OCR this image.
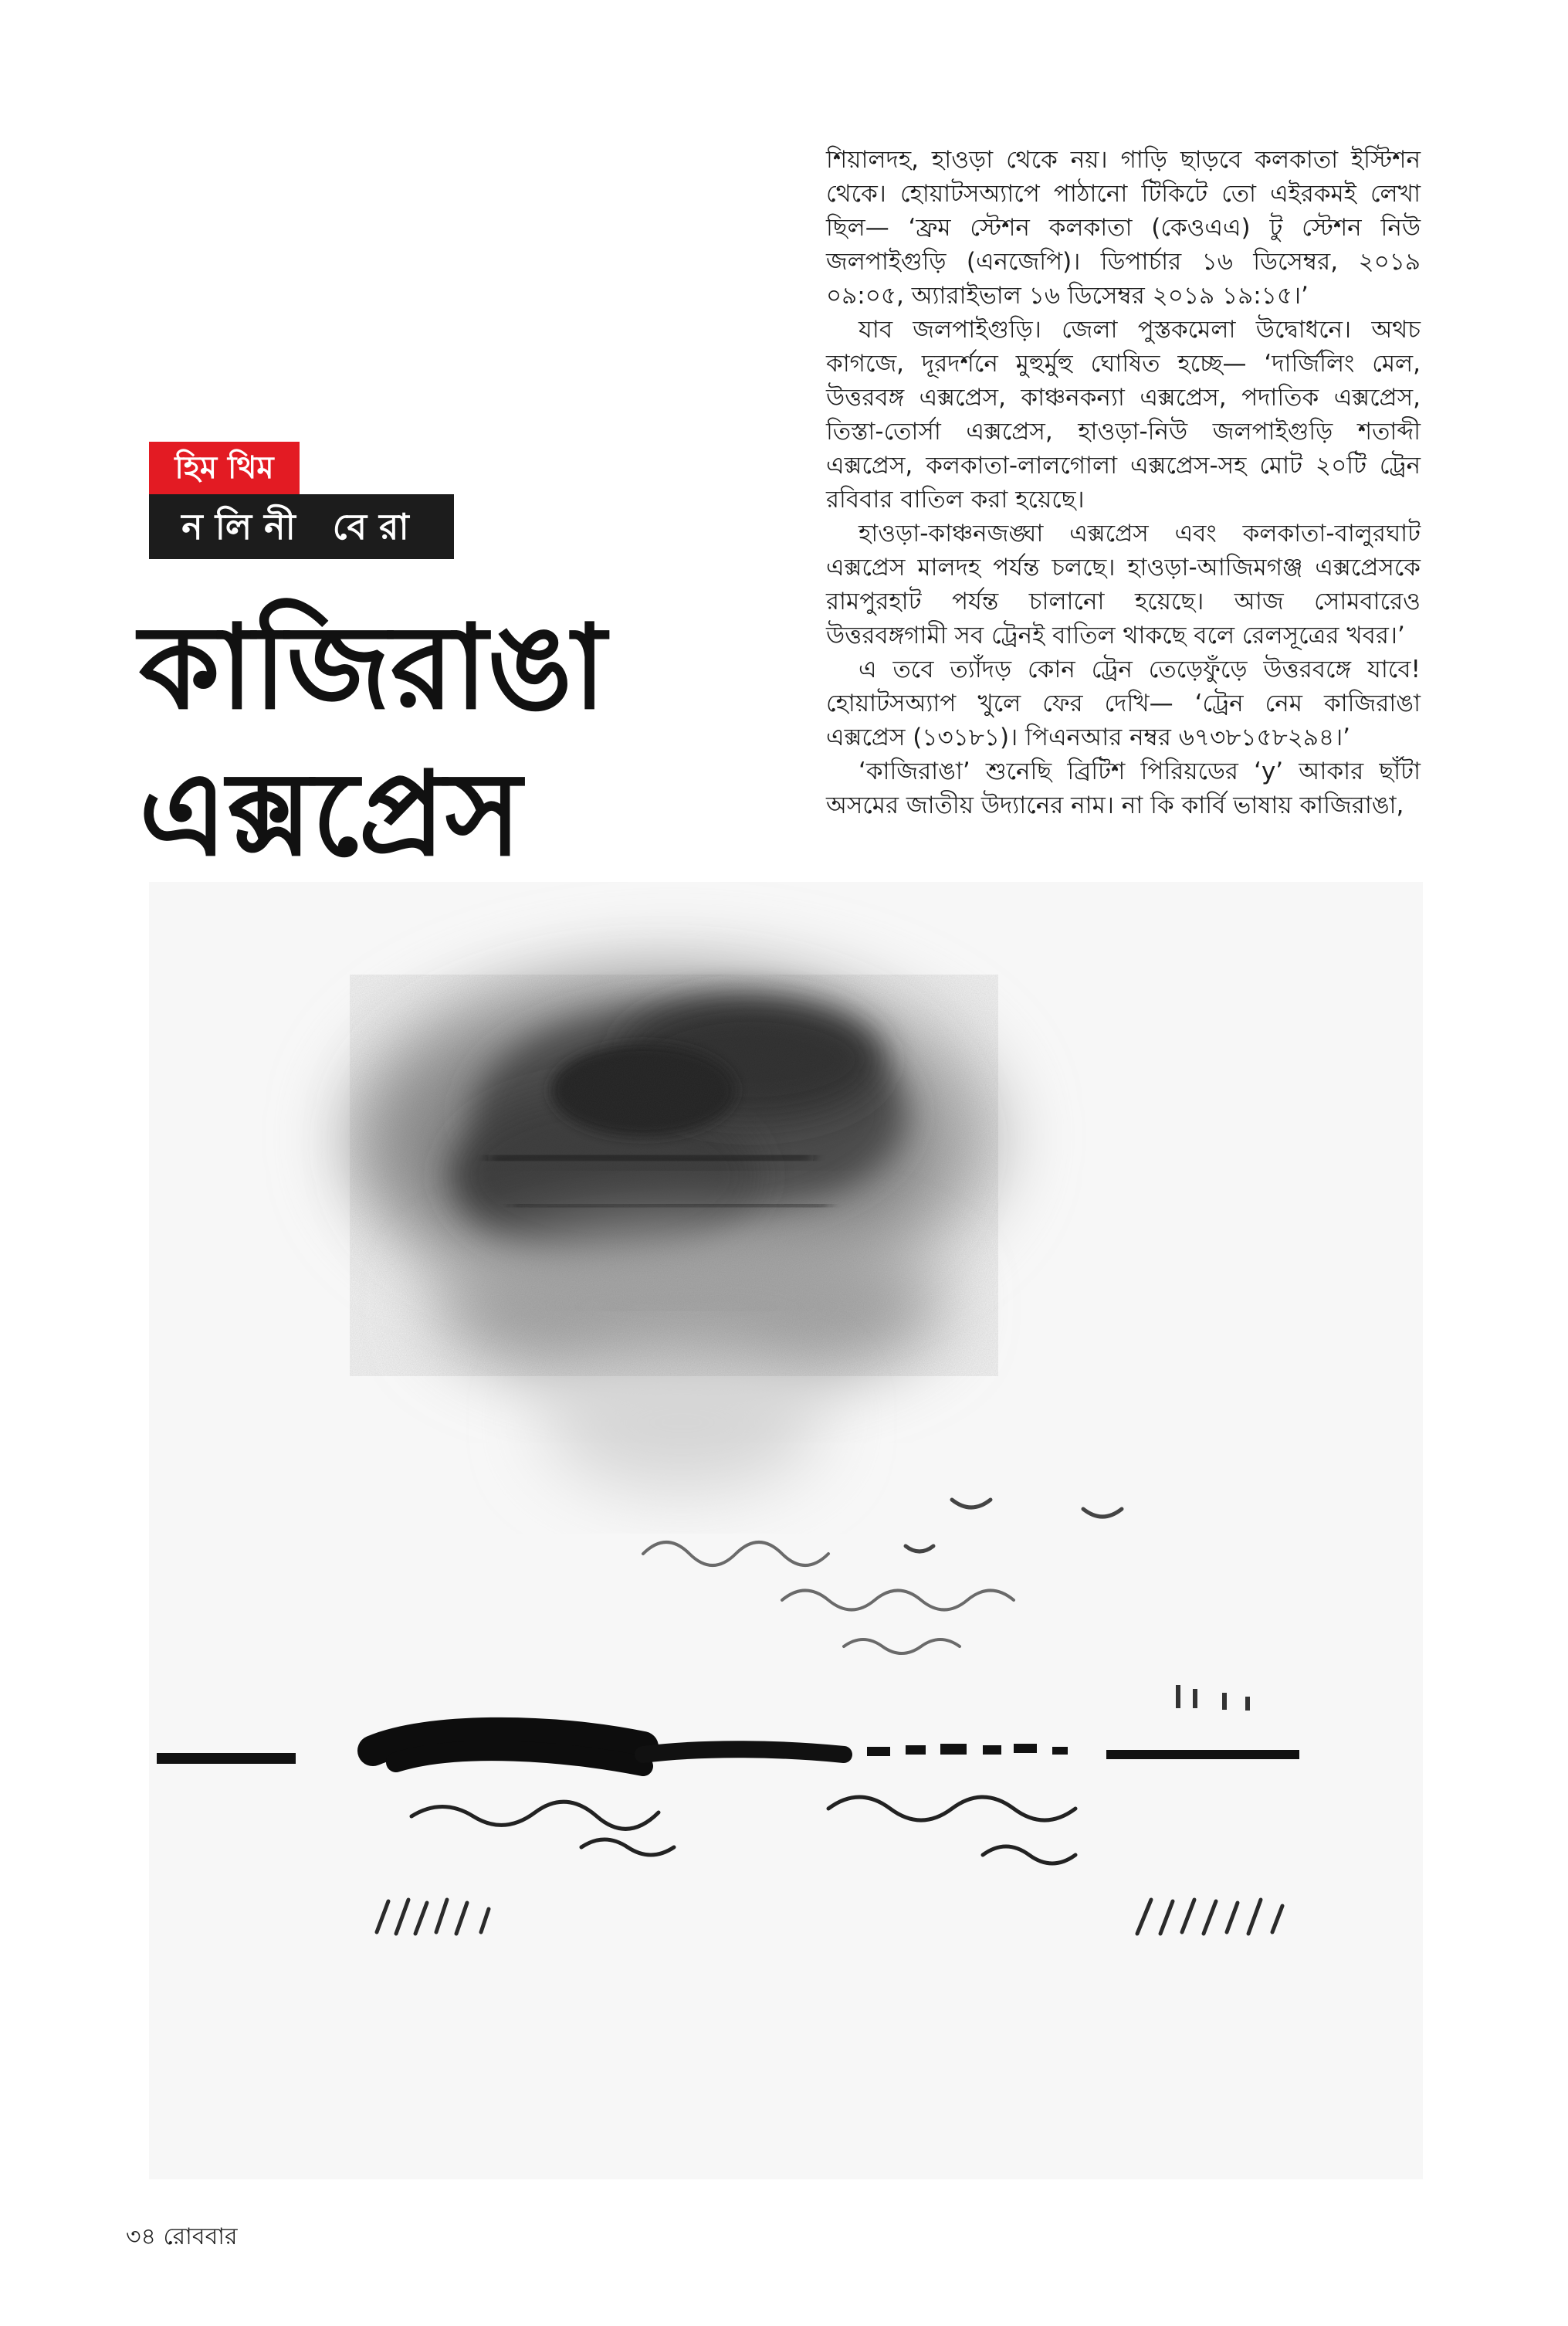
হিম থিম
নলিনী বেরা
কাজিরাঙা
এক্সপ্রেস

শিয়ালদহ, হাওড়া থেকে নয়। গাড়ি ছাড়বে কলকাতা ইস্টিশন থেকে। হোয়াটসঅ্যাপে পাঠানো টিকিটে তো এইরকমই লেখা ছিল— ‘ফ্রম স্টেশন কলকাতা (কেওএএ) টু স্টেশন নিউ জলপাইগুড়ি (এনজেপি)। ডিপার্চার ১৬ ডিসেম্বর, ২০১৯ ০৯:০৫, অ্যারাইভাল ১৬ ডিসেম্বর ২০১৯ ১৯:১৫।’

যাব জলপাইগুড়ি। জেলা পুস্তকমেলা উদ্বোধনে। অথচ কাগজে, দূরদর্শনে মুহুর্মুহু ঘোষিত হচ্ছে— ‘দার্জিলিং মেল, উত্তরবঙ্গ এক্সপ্রেস, কাঞ্চনকন্যা এক্সপ্রেস, পদাতিক এক্সপ্রেস, তিস্তা-তোর্সা এক্সপ্রেস, হাওড়া-নিউ জলপাইগুড়ি শতাব্দী এক্সপ্রেস, কলকাতা-লালগোলা এক্সপ্রেস-সহ মোট ২০টি ট্রেন রবিবার বাতিল করা হয়েছে।

হাওড়া-কাঞ্চনজঙ্ঘা এক্সপ্রেস এবং কলকাতা-বালুরঘাট এক্সপ্রেস মালদহ পর্যন্ত চলছে। হাওড়া-আজিমগঞ্জ এক্সপ্রেসকে রামপুরহাট পর্যন্ত চালানো হয়েছে। আজ সোমবারেও উত্তরবঙ্গগামী সব ট্রেনই বাতিল থাকছে বলে রেলসূত্রের খবর।’

এ তবে ত্যাঁদড় কোন ট্রেন তেড়েফুঁড়ে উত্তরবঙ্গে যাবে! হোয়াটসঅ্যাপ খুলে ফের দেখি— ‘ট্রেন নেম কাজিরাঙা এক্সপ্রেস (১৩১৮১)। পিএনআর নম্বর ৬৭৩৮১৫৮২৯৪।’

‘কাজিরাঙা’ শুনেছি ব্রিটিশ পিরিয়ডের ‘y’ আকার ছাঁটা অসমের জাতীয় উদ্যানের নাম। না কি কার্বি ভাষায় কাজিরাঙা,

৩৪ রোববার
